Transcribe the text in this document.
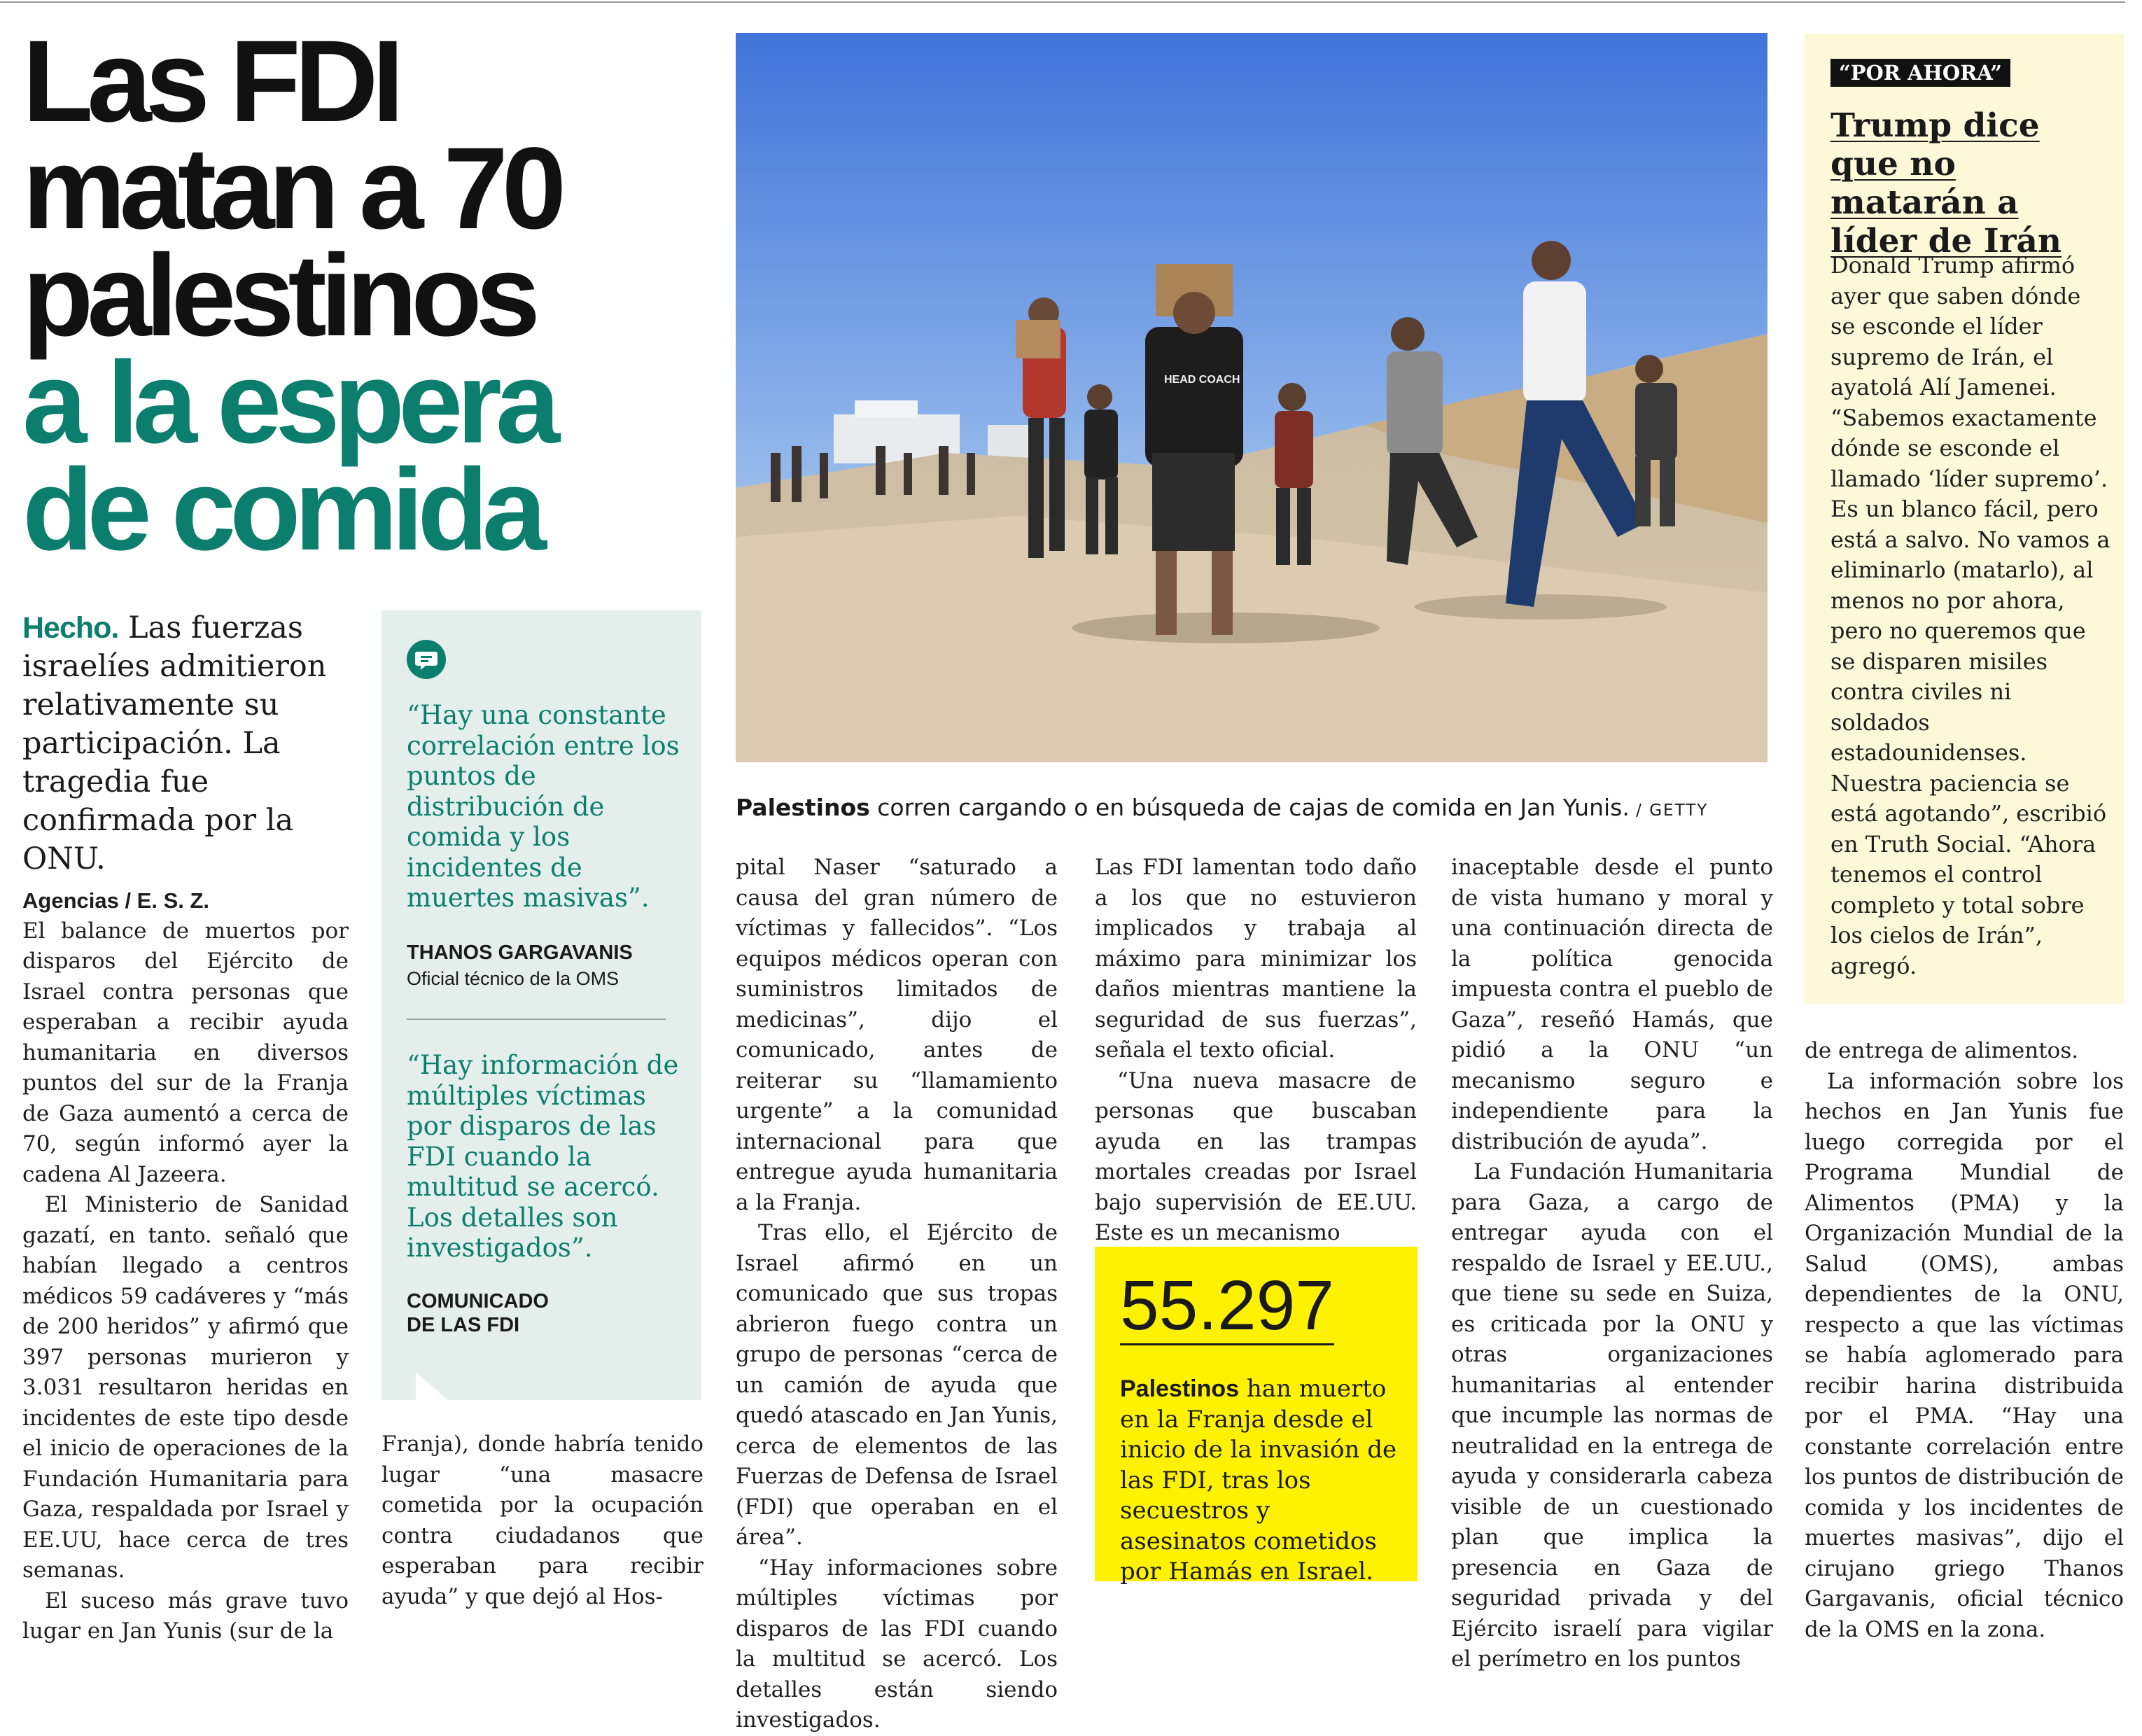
Las FDI
matan a 70
palestinos
a la espera
de comida

Hecho. Las fuerzas israelíes admitieron relativamente su participación. La tragedia fue confirmada por la ONU.

Agencias / E. S. Z.

El balance de muertos por disparos del Ejército de Israel contra personas que esperaban a recibir ayuda humanitaria en diversos puntos del sur de la Franja de Gaza aumentó a cerca de 70, según informó ayer la cadena Al Jazeera.

El Ministerio de Sanidad gazatí, en tanto. señaló que habían llegado a centros médicos 59 cadáveres y “más de 200 heridos” y afirmó que 397 personas murieron y 3.031 resultaron heridas en incidentes de este tipo desde el inicio de operaciones de la Fundación Humanitaria para Gaza, respaldada por Israel y EE.UU, hace cerca de tres semanas.

El suceso más grave tuvo lugar en Jan Yunis (sur de la

“Hay una constante correlación entre los puntos de distribución de comida y los incidentes de muertes masivas”.

THANOS GARGAVANIS

Oficial técnico de la OMS

“Hay información de múltiples víctimas por disparos de las FDI cuando la multitud se acercó. Los detalles son investigados”.

COMUNICADO

DE LAS FDI

Franja), donde habría tenido lugar “una masacre cometida por la ocupación contra ciudadanos que esperaban para recibir ayuda” y que dejó al Hos-

HEAD COACH

Palestinos corren cargando o en búsqueda de cajas de comida en Jan Yunis. / GETTY

pital Naser “saturado a causa del gran número de víctimas y fallecidos”. “Los equipos médicos operan con suministros limitados de medicinas”, dijo el comunicado, antes de reiterar su “llamamiento urgente” a la comunidad internacional para que entregue ayuda humanitaria a la Franja.

Tras ello, el Ejército de Israel afirmó en un comunicado que sus tropas abrieron fuego contra un grupo de personas “cerca de un camión de ayuda que quedó atascado en Jan Yunis, cerca de elementos de las Fuerzas de Defensa de Israel (FDI) que operaban en el área”.

“Hay informaciones sobre múltiples víctimas por disparos de las FDI cuando la multitud se acercó. Los detalles están siendo investigados.

Las FDI lamentan todo daño a los que no estuvieron implicados y trabaja al máximo para minimizar los daños mientras mantiene la seguridad de sus fuerzas”, señala el texto oficial.

“Una nueva masacre de personas que buscaban ayuda en las trampas mortales creadas por Israel bajo supervisión de EE.UU. Este es un mecanismo

55.297

Palestinos han muerto en la Franja desde el inicio de la invasión de las FDI, tras los secuestros y asesinatos cometidos por Hamás en Israel.

inaceptable desde el punto de vista humano y moral y una continuación directa de la política genocida impuesta contra el pueblo de Gaza”, reseñó Hamás, que pidió a la ONU “un mecanismo seguro e independiente para la distribución de ayuda”.

La Fundación Humanitaria para Gaza, a cargo de entregar ayuda con el respaldo de Israel y EE.UU., que tiene su sede en Suiza, es criticada por la ONU y otras organizaciones humanitarias al entender que incumple las normas de neutralidad en la entrega de ayuda y considerarla cabeza visible de un cuestionado plan que implica la presencia en Gaza de seguridad privada y del Ejército israelí para vigilar el perímetro en los puntos

“POR AHORA”
Trump dice que no matarán a líder de Irán

Donald Trump afirmó ayer que saben dónde se esconde el líder supremo de Irán, el ayatolá Alí Jamenei. “Sabemos exactamente dónde se esconde el llamado ‘líder supremo’. Es un blanco fácil, pero está a salvo. No vamos a eliminarlo (matarlo), al menos no por ahora, pero no queremos que se disparen misiles contra civiles ni soldados estadounidenses. Nuestra paciencia se está agotando”, escribió en Truth Social. “Ahora tenemos el control completo y total sobre los cielos de Irán”, agregó.

de entrega de alimentos.

La información sobre los hechos en Jan Yunis fue luego corregida por el Programa Mundial de Alimentos (PMA) y la Organización Mundial de la Salud (OMS), ambas dependientes de la ONU, respecto a que las víctimas se había aglomerado para recibir harina distribuida por el PMA. “Hay una constante correlación entre los puntos de distribución de comida y los incidentes de muertes masivas”, dijo el cirujano griego Thanos Gargavanis, oficial técnico de la OMS en la zona.
